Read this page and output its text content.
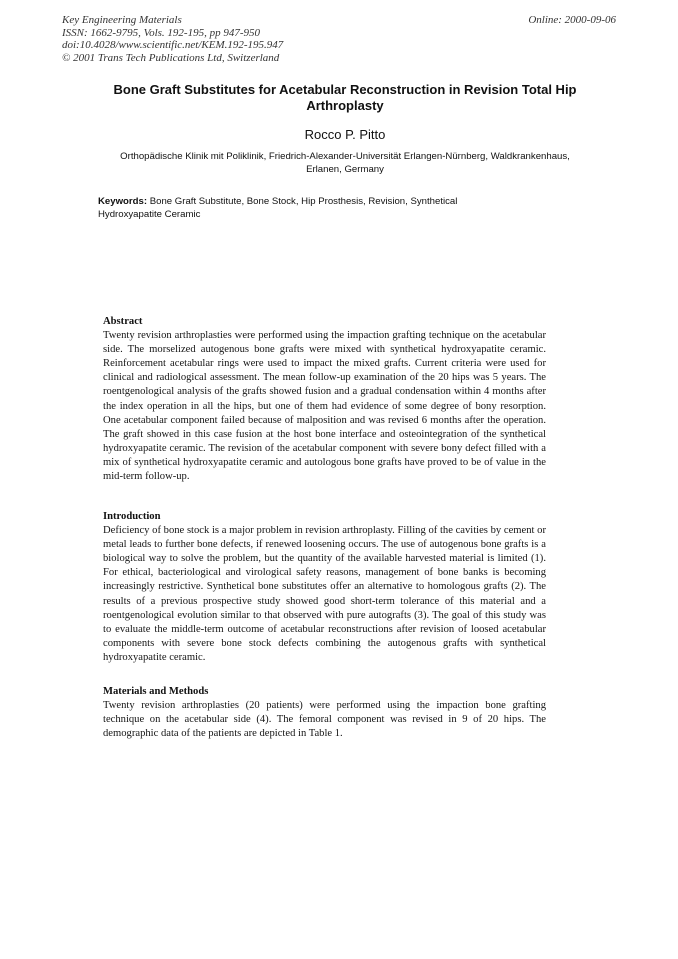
Key Engineering Materials
ISSN: 1662-9795, Vols. 192-195, pp 947-950
doi:10.4028/www.scientific.net/KEM.192-195.947
© 2001 Trans Tech Publications Ltd, Switzerland
Online: 2000-09-06
Bone Graft Substitutes for Acetabular Reconstruction in Revision Total Hip Arthroplasty
Rocco P. Pitto
Orthopädische Klinik mit Poliklinik, Friedrich-Alexander-Universität Erlangen-Nürnberg, Waldkrankenhaus, Erlanen, Germany
Keywords: Bone Graft Substitute, Bone Stock, Hip Prosthesis, Revision, Synthetical Hydroxyapatite Ceramic
Abstract

Twenty revision arthroplasties were performed using the impaction grafting technique on the acetabular side. The morselized autogenous bone grafts were mixed with synthetical hydroxyapatite ceramic. Reinforcement acetabular rings were used to impact the mixed grafts. Current criteria were used for clinical and radiological assessment. The mean follow-up examination of the 20 hips was 5 years. The roentgenological analysis of the grafts showed fusion and a gradual condensation within 4 months after the index operation in all the hips, but one of them had evidence of some degree of bony resorption. One acetabular component failed because of malposition and was revised 6 months after the operation. The graft showed in this case fusion at the host bone interface and osteointegration of the synthetical hydroxyapatite ceramic. The revision of the acetabular component with severe bony defect filled with a mix of synthetical hydroxyapatite ceramic and autologous bone grafts have proved to be of value in the mid-term follow-up.

Introduction

Deficiency of bone stock is a major problem in revision arthroplasty. Filling of the cavities by cement or metal leads to further bone defects, if renewed loosening occurs. The use of autogenous bone grafts is a biological way to solve the problem, but the quantity of the available harvested material is limited (1). For ethical, bacteriological and virological safety reasons, management of bone banks is becoming increasingly restrictive. Synthetical bone substitutes offer an alternative to homologous grafts (2). The results of a previous prospective study showed good short-term tolerance of this material and a roentgenological evolution similar to that observed with pure autografts (3). The goal of this study was to evaluate the middle-term outcome of acetabular reconstructions after revision of loosed acetabular components with severe bone stock defects combining the autogenous grafts with synthetical hydroxyapatite ceramic.

Materials and Methods

Twenty revision arthroplasties (20 patients) were performed using the impaction bone grafting technique on the acetabular side (4). The femoral component was revised in 9 of 20 hips. The demographic data of the patients are depicted in Table 1.
